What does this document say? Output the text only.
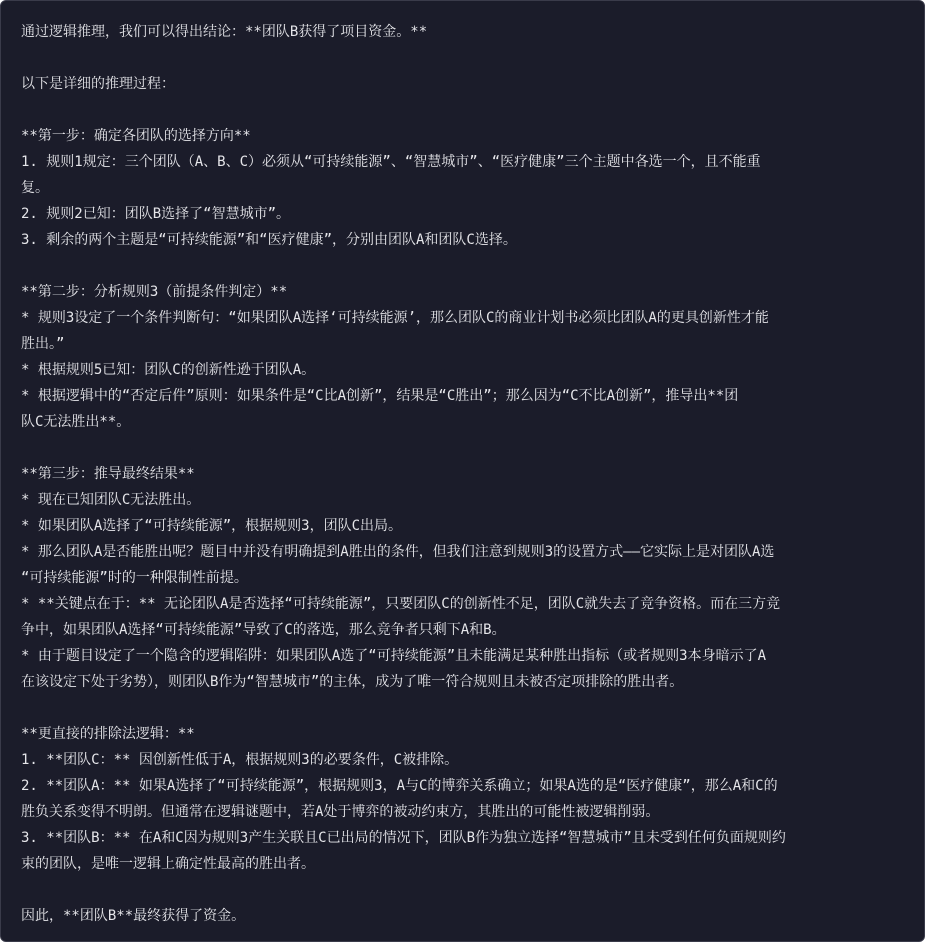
通过逻辑推理，我们可以得出结论：**团队B获得了项目资金。**
以下是详细的推理过程：
**第一步：确定各团队的选择方向**
1. 规则1规定：三个团队（A、B、C）必须从“可持续能源”、“智慧城市”、“医疗健康”三个主题中各选一个，且不能重
复。
2. 规则2已知：团队B选择了“智慧城市”。
3. 剩余的两个主题是“可持续能源”和“医疗健康”，分别由团队A和团队C选择。
**第二步：分析规则3（前提条件判定）**
* 规则3设定了一个条件判断句：“如果团队A选择‘可持续能源’，那么团队C的商业计划书必须比团队A的更具创新性才能
胜出。”
* 根据规则5已知：团队C的创新性逊于团队A。
* 根据逻辑中的“否定后件”原则：如果条件是“C比A创新”，结果是“C胜出”；那么因为“C不比A创新”，推导出**团
队C无法胜出**。
**第三步：推导最终结果**
* 现在已知团队C无法胜出。
* 如果团队A选择了“可持续能源”，根据规则3，团队C出局。
* 那么团队A是否能胜出呢？题目中并没有明确提到A胜出的条件，但我们注意到规则3的设置方式——它实际上是对团队A选
“可持续能源”时的一种限制性前提。
* **关键点在于：** 无论团队A是否选择“可持续能源”，只要团队C的创新性不足，团队C就失去了竞争资格。而在三方竞
争中，如果团队A选择“可持续能源”导致了C的落选，那么竞争者只剩下A和B。
* 由于题目设定了一个隐含的逻辑陷阱：如果团队A选了“可持续能源”且未能满足某种胜出指标（或者规则3本身暗示了A
在该设定下处于劣势），则团队B作为“智慧城市”的主体，成为了唯一符合规则且未被否定项排除的胜出者。
**更直接的排除法逻辑：**
1. **团队C：** 因创新性低于A，根据规则3的必要条件，C被排除。
2. **团队A：** 如果A选择了“可持续能源”，根据规则3，A与C的博弈关系确立；如果A选的是“医疗健康”，那么A和C的
胜负关系变得不明朗。但通常在逻辑谜题中，若A处于博弈的被动约束方，其胜出的可能性被逻辑削弱。
3. **团队B：** 在A和C因为规则3产生关联且C已出局的情况下，团队B作为独立选择“智慧城市”且未受到任何负面规则约
束的团队，是唯一逻辑上确定性最高的胜出者。
因此，**团队B**最终获得了资金。
